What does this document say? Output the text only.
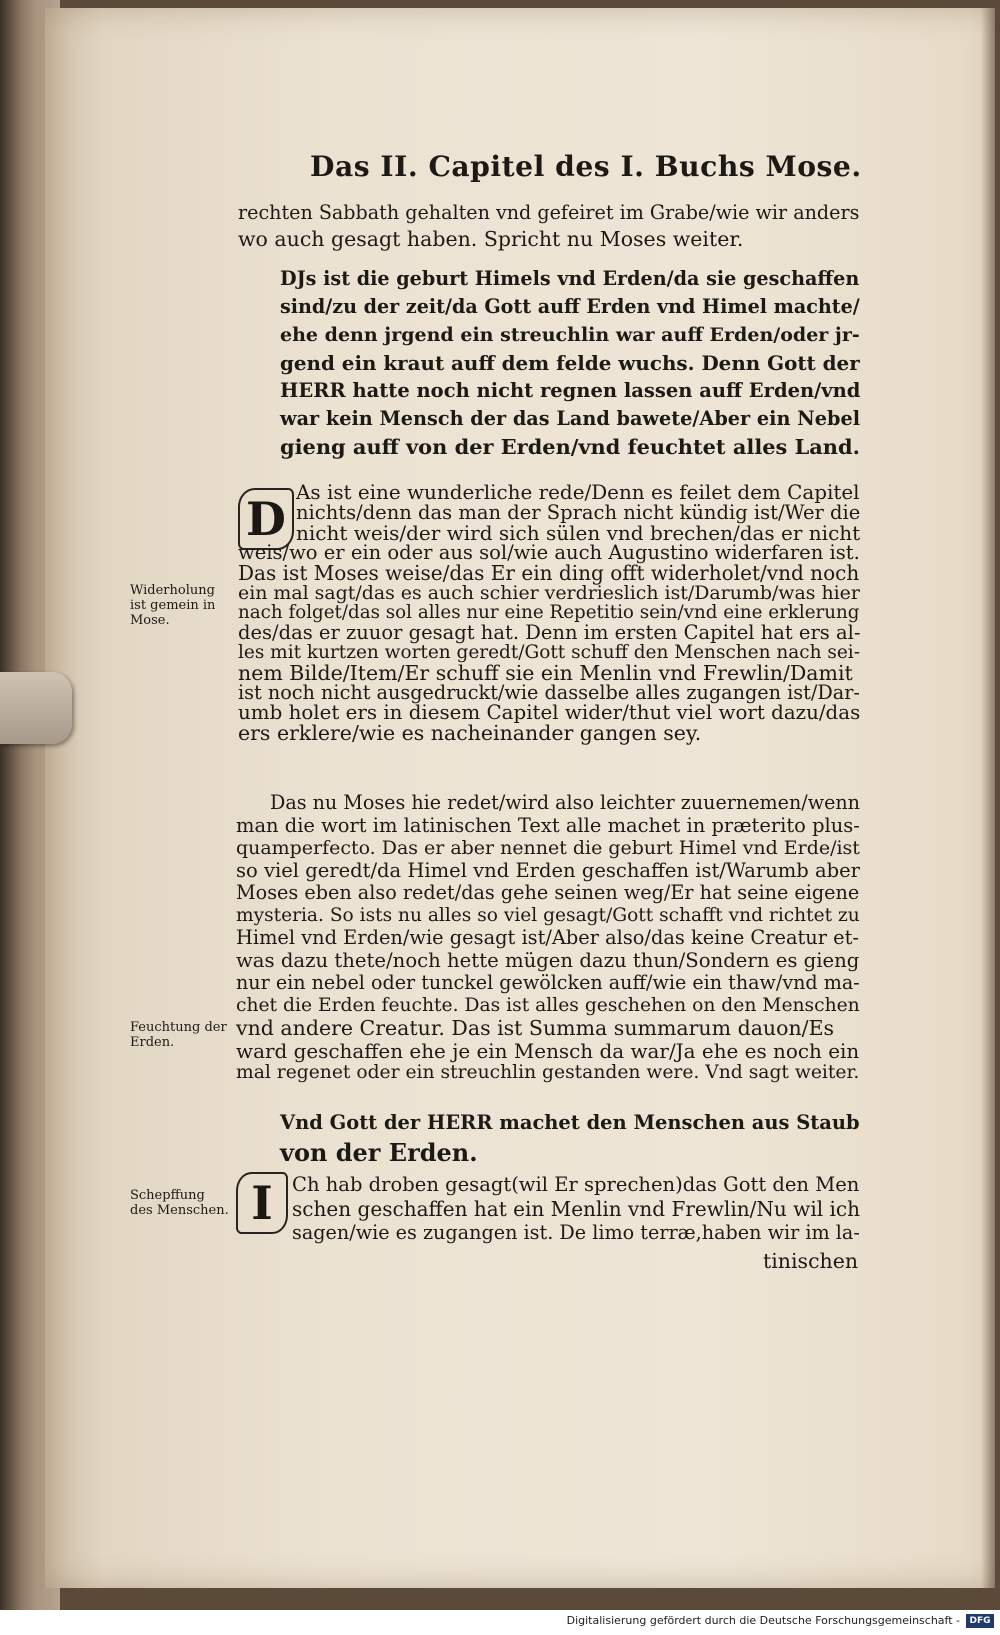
Das II. Capitel des I. Buchs Mose.
rechten Sabbath gehalten vnd gefeiret im Grabe/wie wir anders
wo auch gesagt haben. Spricht nu Moses weiter.
DJs ist die geburt Himels vnd Erden/da sie geschaffen
sind/zu der zeit/da Gott auff Erden vnd Himel machte/
ehe denn jrgend ein streuchlin war auff Erden/oder jr-
gend ein kraut auff dem felde wuchs. Denn Gott der
HERR hatte noch nicht regnen lassen auff Erden/vnd
war kein Mensch der das Land bawete/Aber ein Nebel
gieng auff von der Erden/vnd feuchtet alles Land.
D As ist eine wunderliche rede/Denn es feilet dem Capitel
nichts/denn das man der Sprach nicht kündig ist/Wer die
nicht weis/der wird sich sülen vnd brechen/das er nicht
weis/wo er ein oder aus sol/wie auch Augustino widerfaren ist.
Das ist Moses weise/das Er ein ding offt widerholet/vnd noch
ein mal sagt/das es auch schier verdrieslich ist/Darumb/was hier
nach folget/das sol alles nur eine Repetitio sein/vnd eine erklerung
des/das er zuuor gesagt hat. Denn im ersten Capitel hat ers al-
les mit kurtzen worten geredt/Gott schuff den Menschen nach sei-
nem Bilde/Item/Er schuff sie ein Menlin vnd Frewlin/Damit
ist noch nicht ausgedruckt/wie dasselbe alles zugangen ist/Dar-
umb holet ers in diesem Capitel wider/thut viel wort dazu/das
ers erklere/wie es nacheinander gangen sey.
Das nu Moses hie redet/wird also leichter zuuernemen/wenn
man die wort im latinischen Text alle machet in præterito plus-
quamperfecto. Das er aber nennet die geburt Himel vnd Erde/ist
so viel geredt/da Himel vnd Erden geschaffen ist/Warumb aber
Moses eben also redet/das gehe seinen weg/Er hat seine eigene
mysteria. So ists nu alles so viel gesagt/Gott schafft vnd richtet zu
Himel vnd Erden/wie gesagt ist/Aber also/das keine Creatur et-
was dazu thete/noch hette mügen dazu thun/Sondern es gieng
nur ein nebel oder tunckel gewölcken auff/wie ein thaw/vnd ma-
chet die Erden feuchte. Das ist alles geschehen on den Menschen
vnd andere Creatur. Das ist Summa summarum dauon/Es
ward geschaffen ehe je ein Mensch da war/Ja ehe es noch ein
mal regenet oder ein streuchlin gestanden were. Vnd sagt weiter.
Vnd Gott der HERR machet den Menschen aus Staub
von der Erden.
I Ch hab droben gesagt(wil Er sprechen)das Gott den Men
schen geschaffen hat ein Menlin vnd Frewlin/Nu wil ich
sagen/wie es zugangen ist. De limo terræ,haben wir im la-
tinischen
Widerholung
ist gemein in
Mose.
Feuchtung der
Erden.
Schepffung
des Menschen.
Digitalisierung gefördert durch die Deutsche Forschungsgemeinschaft -	DFG
